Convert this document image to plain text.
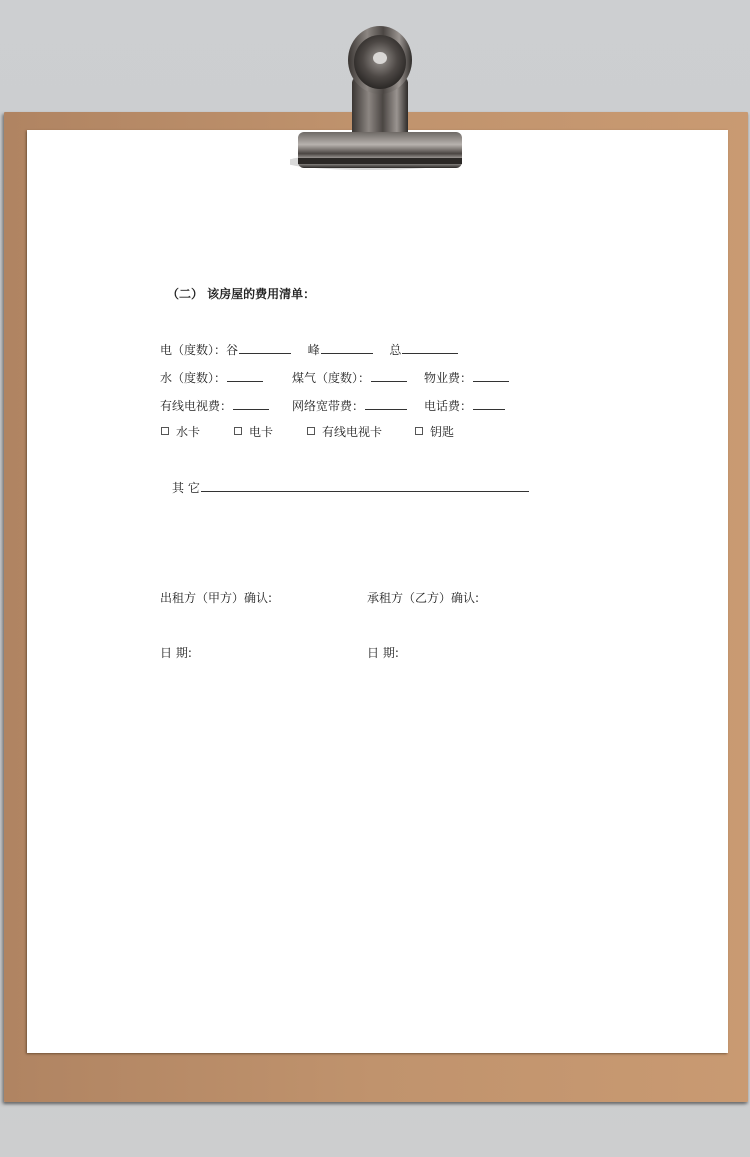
（二） 该房屋的费用清单：
电（度数）：谷	峰	总
水（度数）：	煤气（度数）：	物业费：
有线电视费：	网络宽带费：	电话费：
水卡	电卡	有线电视卡	钥匙
其 它
出租方（甲方）确认:	承租方（乙方）确认:
日 期:	日 期:
